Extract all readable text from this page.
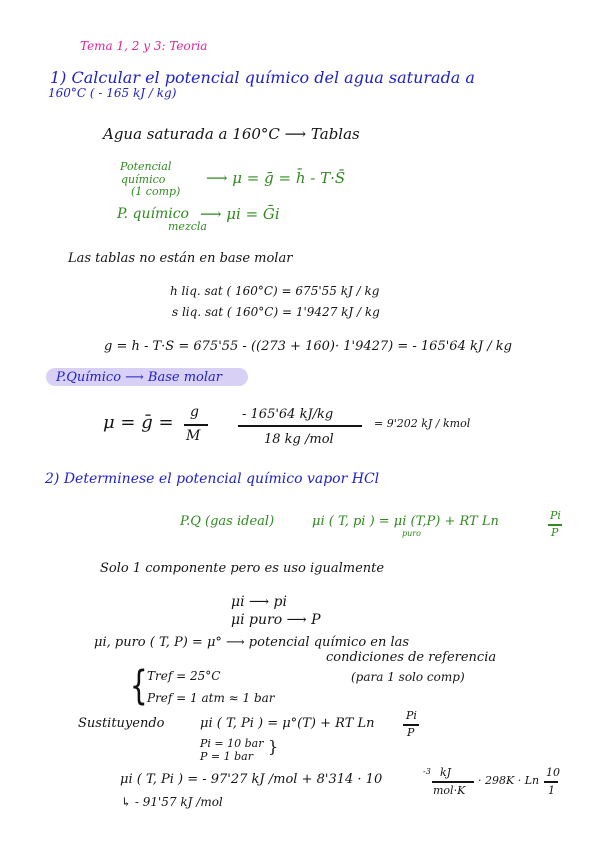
Tema 1, 2 y 3: Teoria
1) Calcular el potencial químico del agua saturada a
160°C ( - 165 kJ / kg)
Agua saturada a 160°C ⟶ Tablas
Potencial
químico
(1 comp)
⟶ μ = ḡ = h̄ - T·S̄
P. químico
mezcla
⟶ μi = Ḡi
Las tablas no están en base molar
h liq. sat ( 160°C) = 675'55 kJ / kg
s liq. sat ( 160°C) = 1'9427 kJ / kg
g = h - T·S = 675'55 - ((273 + 160)· 1'9427) = - 165'64 kJ / kg
P.Químico ⟶ Base molar
μ = ḡ = g
M
- 165'64 kJ/kg
18 kg /mol
= 9'202 kJ / kmol
2) Determinese el potencial químico vapor HCl
P.Q (gas ideal)	μi ( T, pi ) = μi (T,P) + RT Ln
puro
Pi
P
Solo 1 componente pero es uso igualmente
μi ⟶ pi
μi puro ⟶ P
μi, puro ( T, P) = μ° ⟶ potencial químico en las
condiciones de referencia
{ Tref = 25°C
Pref = 1 atm ≈ 1 bar
(para 1 solo comp)
Sustituyendo	μi ( T, Pi ) = μ°(T) + RT Ln
Pi
P
Pi = 10 bar
P = 1 bar
}
μi ( T, Pi ) = - 97'27 kJ /mol + 8'314 · 10
-3 kJ
mol·K
· 298K · Ln
10
1
↳ - 91'57 kJ /mol
